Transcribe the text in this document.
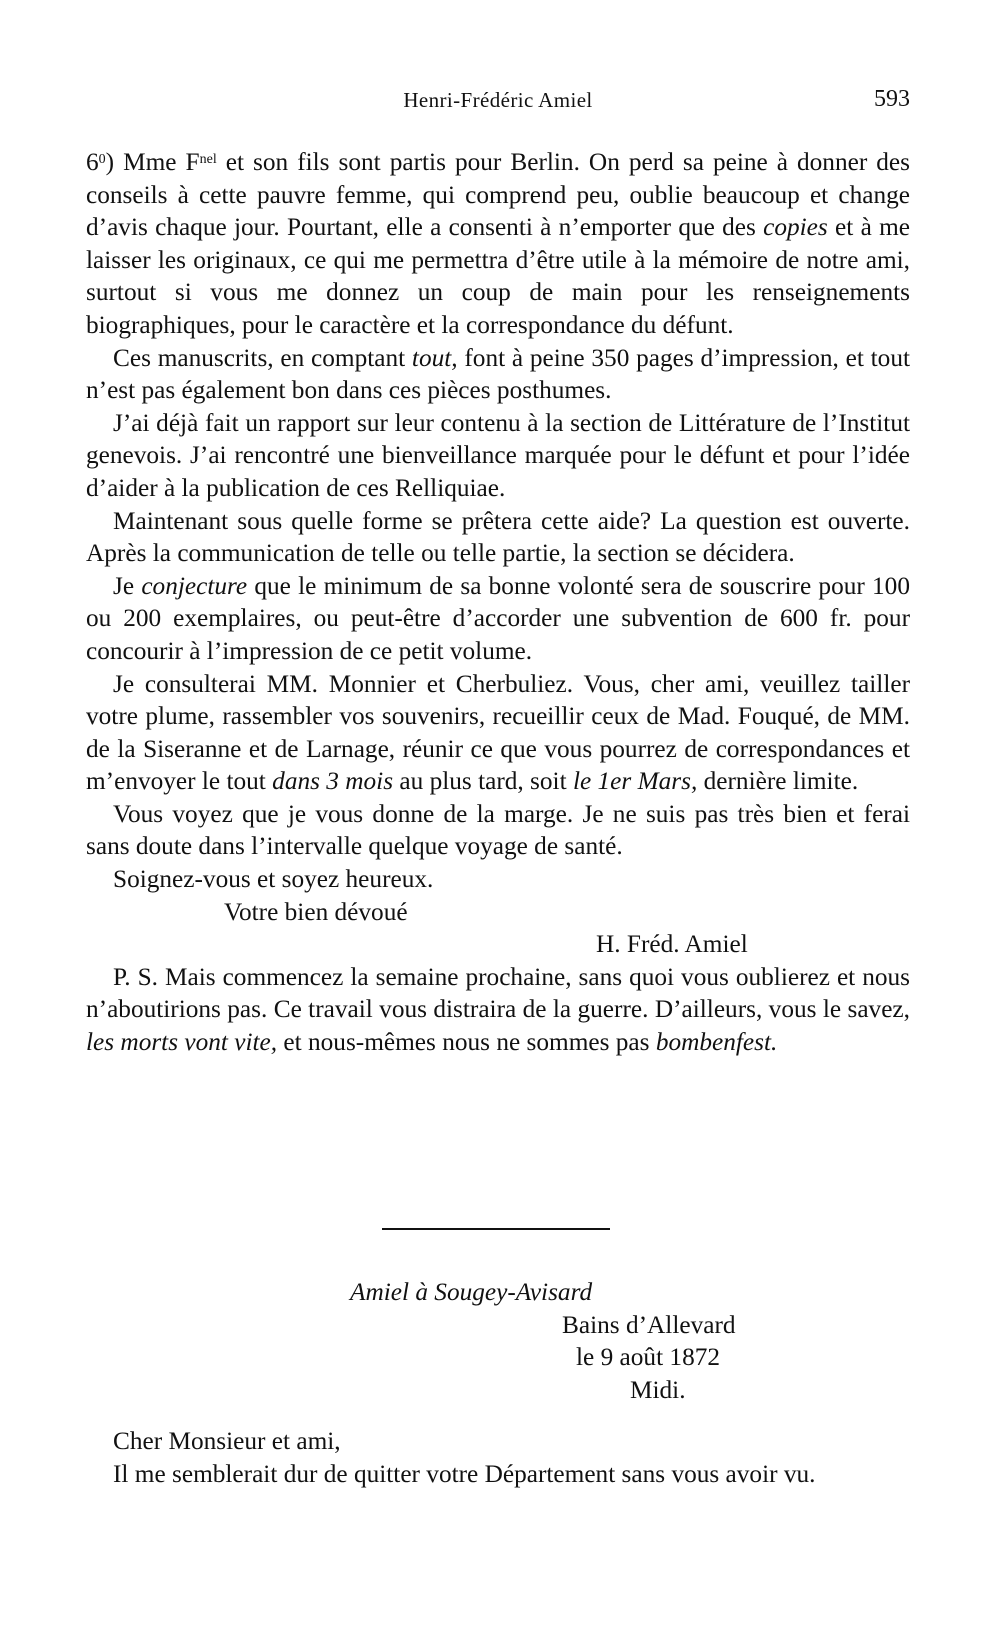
Henri-Frédéric Amiel	593

$6^0$) Mme $F^{nel}$ et son fils sont partis pour Berlin. On perd sa peine à donner des conseils à cette pauvre femme, qui comprend peu, oublie beaucoup et change d’avis chaque jour. Pourtant, elle a consenti à n’emporter que des copies et à me laisser les originaux, ce qui me permettra d’être utile à la mémoire de notre ami, surtout si vous me donnez un coup de main pour les renseignements biographiques, pour le caractère et la correspondance du défunt.

Ces manuscrits, en comptant tout, font à peine 350 pages d’impression, et tout n’est pas également bon dans ces pièces posthumes.

J’ai déjà fait un rapport sur leur contenu à la section de Littérature de l’Institut genevois. J’ai rencontré une bienveillance marquée pour le défunt et pour l’idée d’aider à la publication de ces Relliquiae.

Maintenant sous quelle forme se prêtera cette aide? La question est ouverte. Après la communication de telle ou telle partie, la section se décidera.

Je conjecture que le minimum de sa bonne volonté sera de souscrire pour 100 ou 200 exemplaires, ou peut-être d’accorder une subvention de 600 fr. pour concourir à l’impression de ce petit volume.

Je consulterai MM. Monnier et Cherbuliez. Vous, cher ami, veuillez tailler votre plume, rassembler vos souvenirs, recueillir ceux de Mad. Fouqué, de MM. de la Siseranne et de Larnage, réunir ce que vous pourrez de correspondances et m’envoyer le tout dans 3 mois au plus tard, soit le 1er Mars, dernière limite.

Vous voyez que je vous donne de la marge. Je ne suis pas très bien et ferai sans doute dans l’intervalle quelque voyage de santé.

Soignez-vous et soyez heureux.

Votre bien dévoué

H. Fréd. Amiel

P. S. Mais commencez la semaine prochaine, sans quoi vous oublierez et nous n’aboutirions pas. Ce travail vous distraira de la guerre. D’ailleurs, vous le savez, les morts vont vite, et nous-mêmes nous ne sommes pas bombenfest.

Amiel à Sougey-Avisard
Bains d’Allevard
le 9 août 1872
Midi.

Cher Monsieur et ami,

Il me semblerait dur de quitter votre Département sans vous avoir vu.
